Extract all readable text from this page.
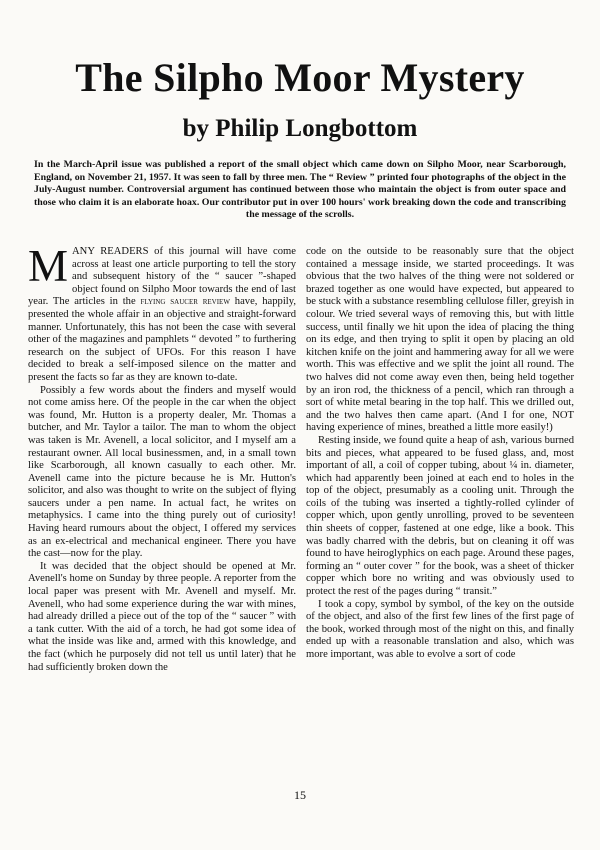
The Silpho Moor Mystery
by Philip Longbottom

In the March-April issue was published a report of the small object which came down on Silpho Moor, near Scarborough, England, on November 21, 1957. It was seen to fall by three men. The “ Review ” printed four photographs of the object in the July-August number. Controversial argument has continued between those who maintain the object is from outer space and those who claim it is an elaborate hoax. Our contributor put in over 100 hours' work breaking down the code and transcribing the message of the scrolls.

MANY READERS of this journal will have come across at least one article purporting to tell the story and subsequent history of the “ saucer ”-shaped object found on Silpho Moor towards the end of last year. The articles in the flying saucer review have, happily, presented the whole affair in an objective and straight-forward manner. Unfortunately, this has not been the case with several other of the magazines and pamphlets “ devoted ” to furthering research on the subject of UFOs. For this reason I have decided to break a self-imposed silence on the matter and present the facts so far as they are known to-date.

Possibly a few words about the finders and myself would not come amiss here. Of the people in the car when the object was found, Mr. Hutton is a property dealer, Mr. Thomas a butcher, and Mr. Taylor a tailor. The man to whom the object was taken is Mr. Avenell, a local solicitor, and I myself am a restaurant owner. All local businessmen, and, in a small town like Scarborough, all known casually to each other. Mr. Avenell came into the picture because he is Mr. Hutton's solicitor, and also was thought to write on the subject of flying saucers under a pen name. In actual fact, he writes on metaphysics. I came into the thing purely out of curiosity! Having heard rumours about the object, I offered my services as an ex-electrical and mechanical engineer. There you have the cast—now for the play.

It was decided that the object should be opened at Mr. Avenell's home on Sunday by three people. A reporter from the local paper was present with Mr. Avenell and myself. Mr. Avenell, who had some experience during the war with mines, had already drilled a piece out of the top of the “ saucer ” with a tank cutter. With the aid of a torch, he had got some idea of what the inside was like and, armed with this knowledge, and the fact (which he purposely did not tell us until later) that he had sufficiently broken down the

code on the outside to be reasonably sure that the object contained a message inside, we started proceedings. It was obvious that the two halves of the thing were not soldered or brazed together as one would have expected, but appeared to be stuck with a substance resembling cellulose filler, greyish in colour. We tried several ways of removing this, but with little success, until finally we hit upon the idea of placing the thing on its edge, and then trying to split it open by placing an old kitchen knife on the joint and hammering away for all we were worth. This was effective and we split the joint all round. The two halves did not come away even then, being held together by an iron rod, the thickness of a pencil, which ran through a sort of white metal bearing in the top half. This we drilled out, and the two halves then came apart. (And I for one, NOT having experience of mines, breathed a little more easily!)

Resting inside, we found quite a heap of ash, various burned bits and pieces, what appeared to be fused glass, and, most important of all, a coil of copper tubing, about ¼ in. diameter, which had apparently been joined at each end to holes in the top of the object, presumably as a cooling unit. Through the coils of the tubing was inserted a tightly-rolled cylinder of copper which, upon gently unrolling, proved to be seventeen thin sheets of copper, fastened at one edge, like a book. This was badly charred with the debris, but on cleaning it off was found to have heiroglyphics on each page. Around these pages, forming an “ outer cover ” for the book, was a sheet of thicker copper which bore no writing and was obviously used to protect the rest of the pages during “ transit.”

I took a copy, symbol by symbol, of the key on the outside of the object, and also of the first few lines of the first page of the book, worked through most of the night on this, and finally ended up with a reasonable translation and also, which was more important, was able to evolve a sort of code

15
